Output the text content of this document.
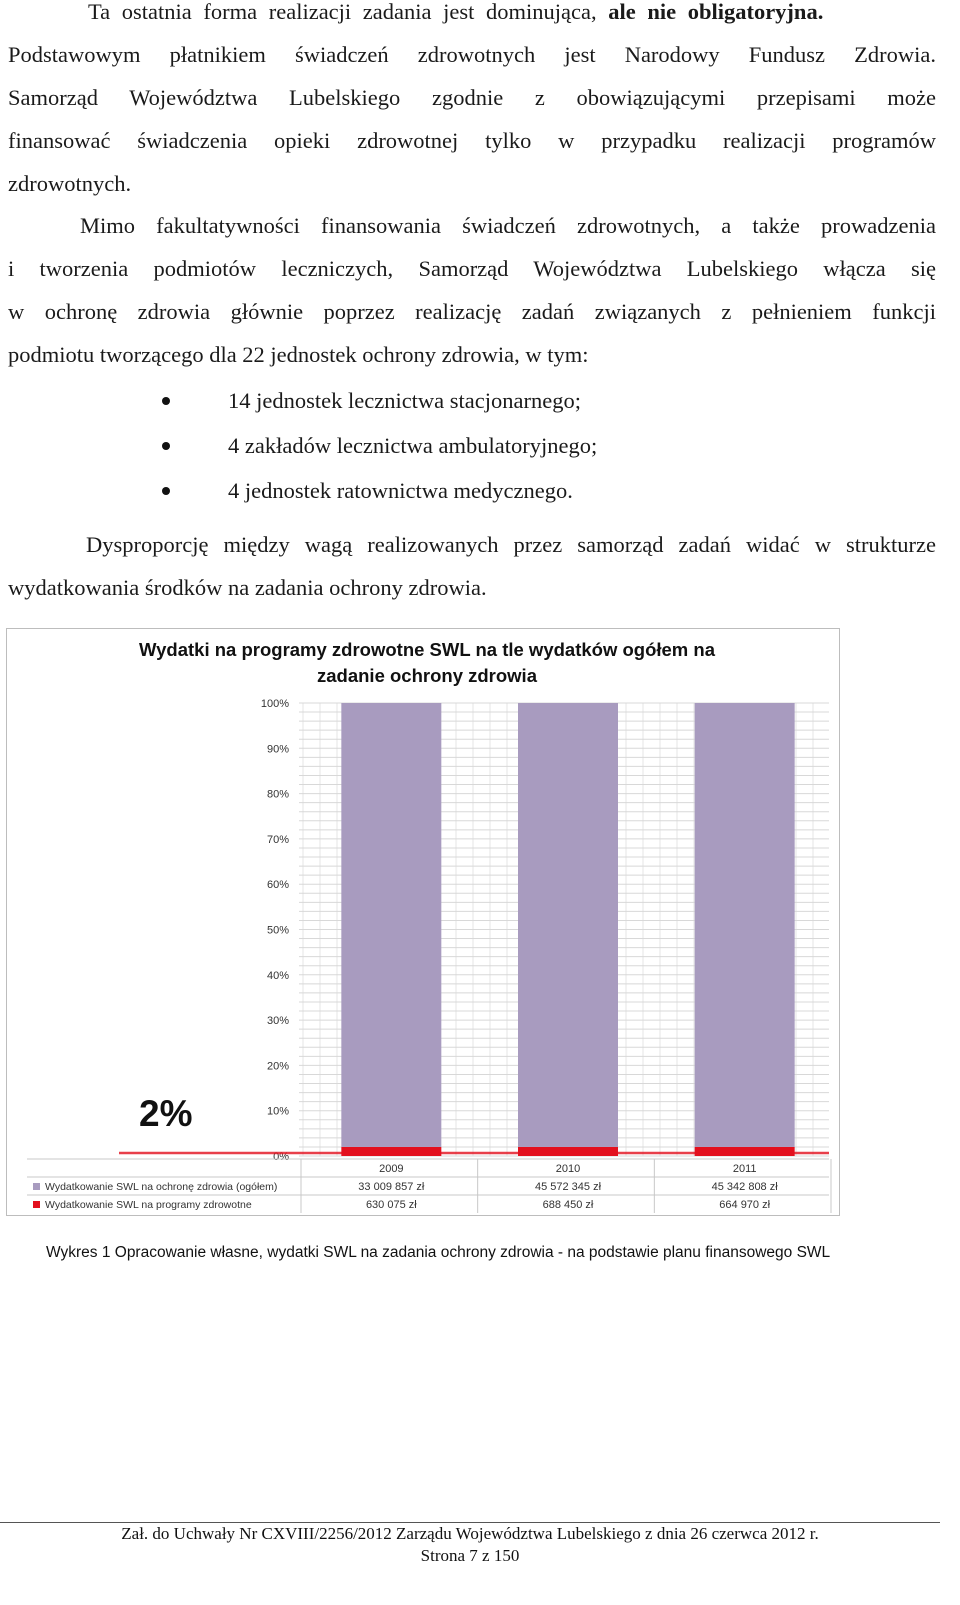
Ta ostatnia forma realizacji zadania jest dominująca, ale nie obligatoryjna.
Podstawowym płatnikiem świadczeń zdrowotnych jest Narodowy Fundusz Zdrowia.
Samorząd Województwa Lubelskiego zgodnie z obowiązującymi przepisami może
finansować świadczenia opieki zdrowotnej tylko w przypadku realizacji programów
zdrowotnych.
Mimo fakultatywności finansowania świadczeń zdrowotnych, a także prowadzenia
i tworzenia podmiotów leczniczych, Samorząd Województwa Lubelskiego włącza się
w ochronę zdrowia głównie poprzez realizację zadań związanych z pełnieniem funkcji
podmiotu tworzącego dla 22 jednostek ochrony zdrowia, w tym:
14 jednostek lecznictwa stacjonarnego;
4 zakładów lecznictwa ambulatoryjnego;
4 jednostek ratownictwa medycznego.
Dysproporcję między wagą realizowanych przez samorząd zadań widać w strukturze
wydatkowania środków na zadania ochrony zdrowia.
Wydatki na programy zdrowotne SWL na tle wydatków ogółem na
zadanie ochrony zdrowia
0%
10%
20%
30%
40%
50%
60%
70%
80%
90%
100%
2%
2009
33 009 857 zł
630 075 zł
2010
45 572 345 zł
688 450 zł
2011
45 342 808 zł
664 970 zł
Wydatkowanie SWL na ochronę zdrowia (ogółem)
Wydatkowanie SWL na programy zdrowotne
Wykres 1 Opracowanie własne, wydatki SWL na zadania ochrony zdrowia - na podstawie planu finansowego SWL
Zał. do Uchwały Nr CXVIII/2256/2012 Zarządu Województwa Lubelskiego z dnia 26 czerwca 2012 r.
Strona 7 z 150
